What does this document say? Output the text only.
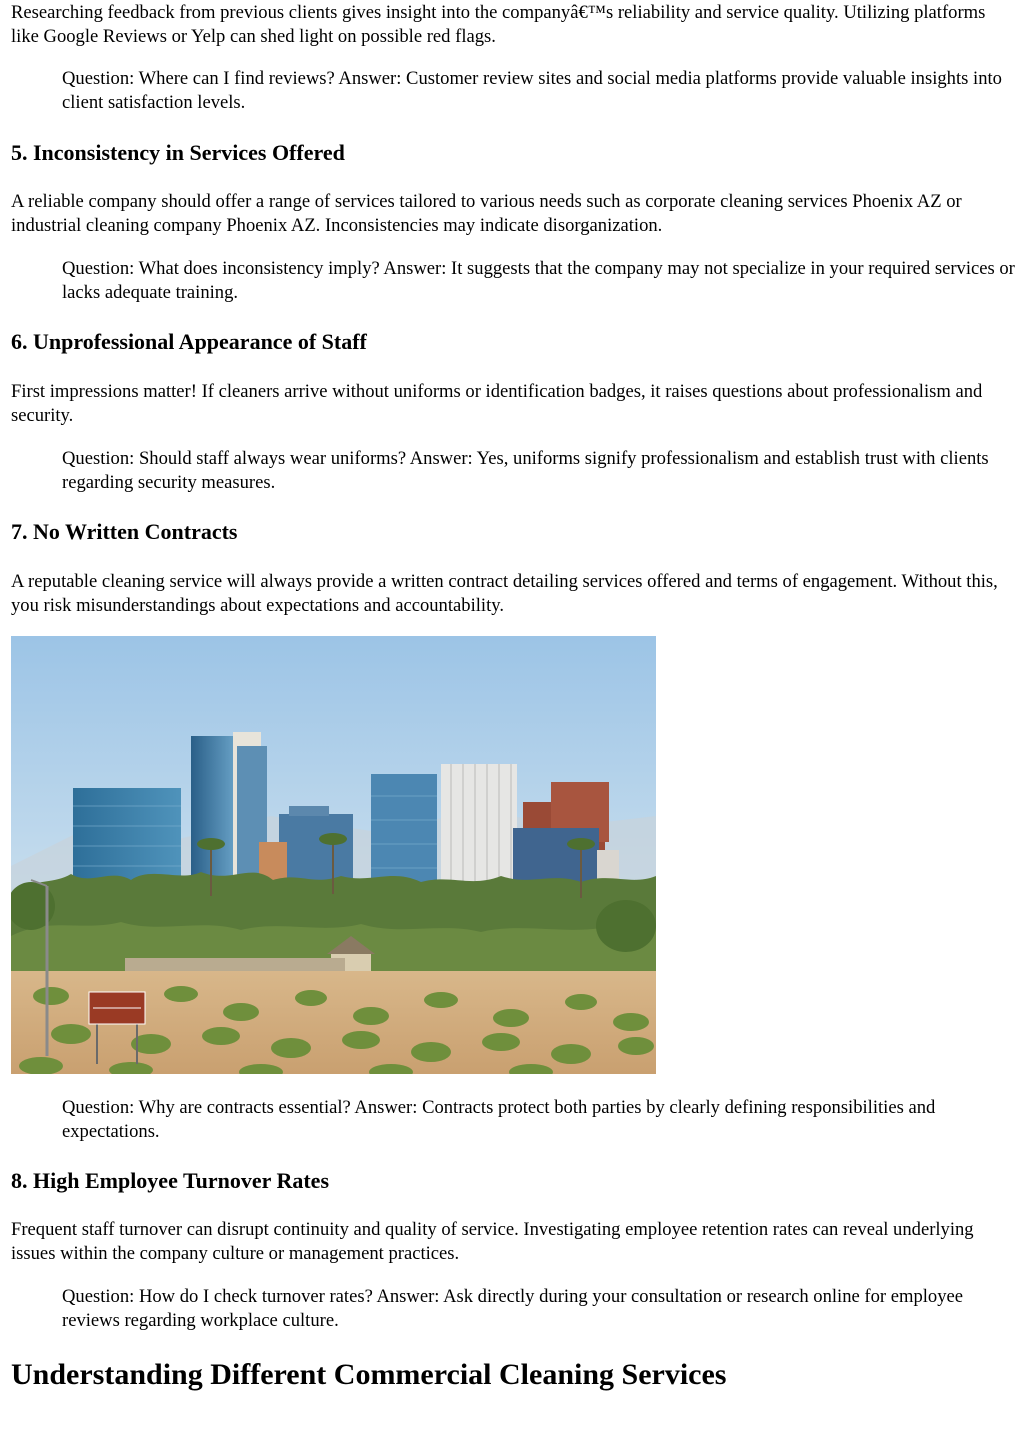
Researching feedback from previous clients gives insight into the companyâ€™s reliability and service quality. Utilizing platforms like Google Reviews or Yelp can shed light on possible red flags.

Question: Where can I find reviews? Answer: Customer review sites and social media platforms provide valuable insights into client satisfaction levels.
5. Inconsistency in Services Offered

A reliable company should offer a range of services tailored to various needs such as corporate cleaning services Phoenix AZ or industrial cleaning company Phoenix AZ. Inconsistencies may indicate disorganization.

Question: What does inconsistency imply? Answer: It suggests that the company may not specialize in your required services or lacks adequate training.
6. Unprofessional Appearance of Staff

First impressions matter! If cleaners arrive without uniforms or identification badges, it raises questions about professionalism and security.

Question: Should staff always wear uniforms? Answer: Yes, uniforms signify professionalism and establish trust with clients regarding security measures.
7. No Written Contracts

A reputable cleaning service will always provide a written contract detailing services offered and terms of engagement. Without this, you risk misunderstandings about expectations and accountability.

Question: Why are contracts essential? Answer: Contracts protect both parties by clearly defining responsibilities and expectations.
8. High Employee Turnover Rates

Frequent staff turnover can disrupt continuity and quality of service. Investigating employee retention rates can reveal underlying issues within the company culture or management practices.

Question: How do I check turnover rates? Answer: Ask directly during your consultation or research online for employee reviews regarding workplace culture.
Understanding Different Commercial Cleaning Services
